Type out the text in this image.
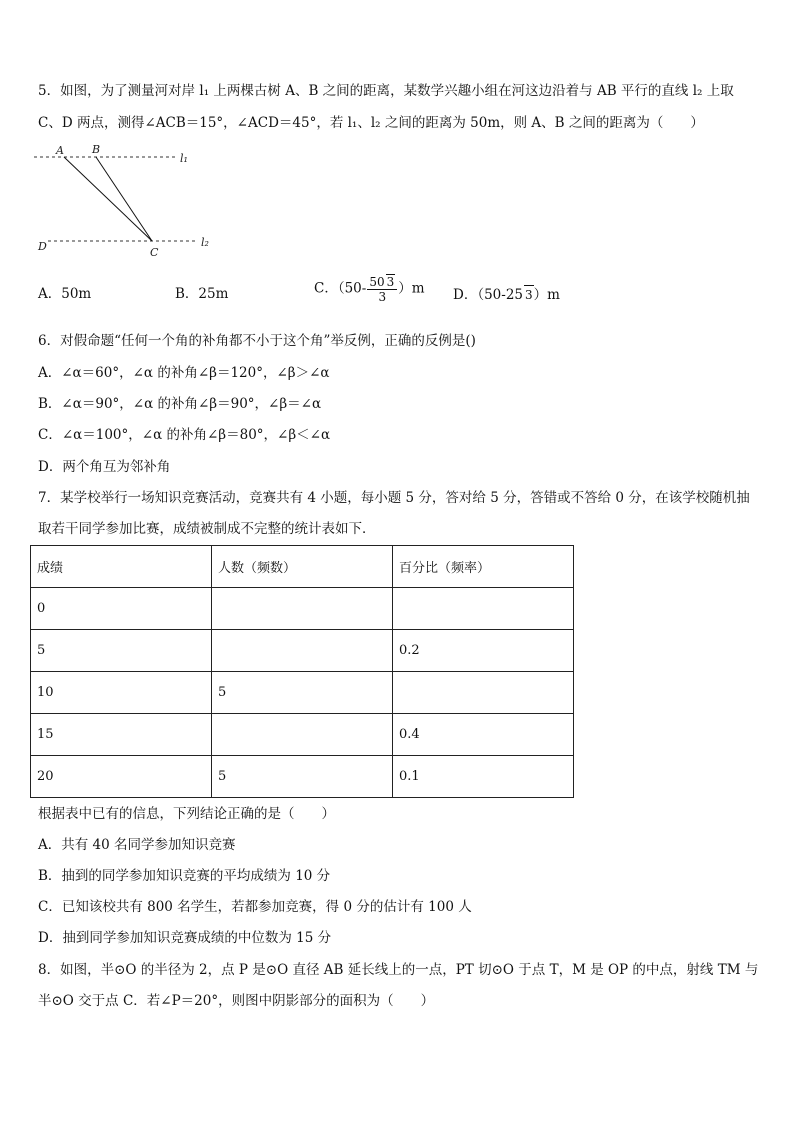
5．如图，为了测量河对岸 l₁ 上两棵古树 A、B 之间的距离，某数学兴趣小组在河这边沿着与 AB 平行的直线 l₂ 上取
C、D 两点，测得∠ACB＝15°，∠ACD＝45°，若 l₁、l₂ 之间的距离为 50m，则 A、B 之间的距离为（　　）
A	B
C
D
l₁
l₂
A．50m	B．25m	C．$(50- \frac{50 3}{3} )m$ D．（50-25 3）m
6．对假命题“任何一个角的补角都不小于这个角”举反例，正确的反例是()
A．∠α＝60°，∠α 的补角∠β＝120°，∠β＞∠α
B．∠α＝90°，∠α 的补角∠β＝90°，∠β＝∠α
C．∠α＝100°，∠α 的补角∠β＝80°，∠β＜∠α
D．两个角互为邻补角
7．某学校举行一场知识竞赛活动，竞赛共有 4 小题，每小题 5 分，答对给 5 分，答错或不答给 0 分，在该学校随机抽
取若干同学参加比赛，成绩被制成不完整的统计表如下．
成绩	人数（频数）	百分比（频率）
0		
5		0.2
10	5	
15		0.4
20	5	0.1
根据表中已有的信息，下列结论正确的是（　　）
A．共有 40 名同学参加知识竞赛
B．抽到的同学参加知识竞赛的平均成绩为 10 分
C．已知该校共有 800 名学生，若都参加竞赛，得 0 分的估计有 100 人
D．抽到同学参加知识竞赛成绩的中位数为 15 分
8．如图，半⊙O 的半径为 2，点 P 是⊙O 直径 AB 延长线上的一点，PT 切⊙O 于点 T，M 是 OP 的中点，射线 TM 与
半⊙O 交于点 C．若∠P＝20°，则图中阴影部分的面积为（　　）
